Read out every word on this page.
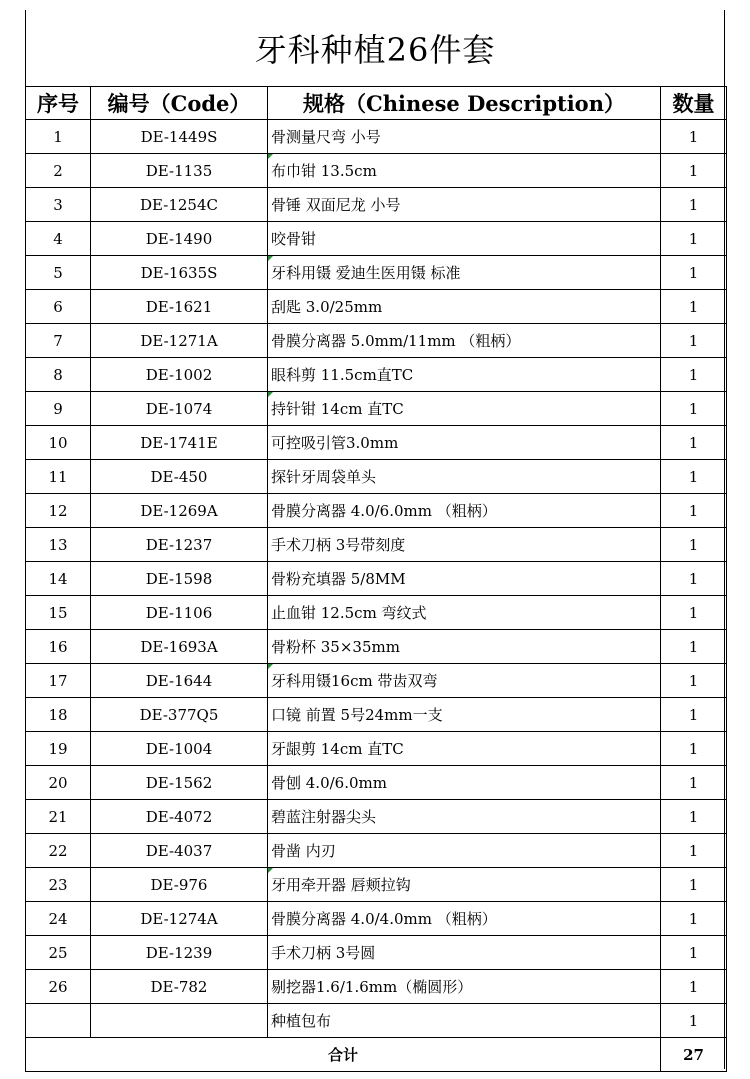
牙科种植26件套
序号	编号（Code）	规格（Chinese Description）	数量
1	DE-1449S	骨测量尺弯 小号	1
2	DE-1135	布巾钳 13.5cm	1
3	DE-1254C	骨锤 双面尼龙 小号	1
4	DE-1490	咬骨钳	1
5	DE-1635S	牙科用镊 爱迪生医用镊 标准	1
6	DE-1621	刮匙 3.0/25mm	1
7	DE-1271A	骨膜分离器 5.0mm/11mm （粗柄）	1
8	DE-1002	眼科剪 11.5cm直TC	1
9	DE-1074	持针钳 14cm 直TC	1
10	DE-1741E	可控吸引管3.0mm	1
11	DE-450	探针牙周袋单头	1
12	DE-1269A	骨膜分离器 4.0/6.0mm （粗柄）	1
13	DE-1237	手术刀柄 3号带刻度	1
14	DE-1598	骨粉充填器 5/8MM	1
15	DE-1106	止血钳 12.5cm 弯纹式	1
16	DE-1693A	骨粉杯 35×35mm	1
17	DE-1644	牙科用镊16cm 带齿双弯	1
18	DE-377Q5	口镜 前置 5号24mm一支	1
19	DE-1004	牙龈剪 14cm 直TC	1
20	DE-1562	骨刨 4.0/6.0mm	1
21	DE-4072	碧蓝注射器尖头	1
22	DE-4037	骨凿 内刃	1
23	DE-976	牙用牵开器 唇颊拉钩	1
24	DE-1274A	骨膜分离器 4.0/4.0mm （粗柄）	1
25	DE-1239	手术刀柄 3号圆	1
26	DE-782	剔挖器1.6/1.6mm（椭圆形）	1
		种植包布	1
合计			27
